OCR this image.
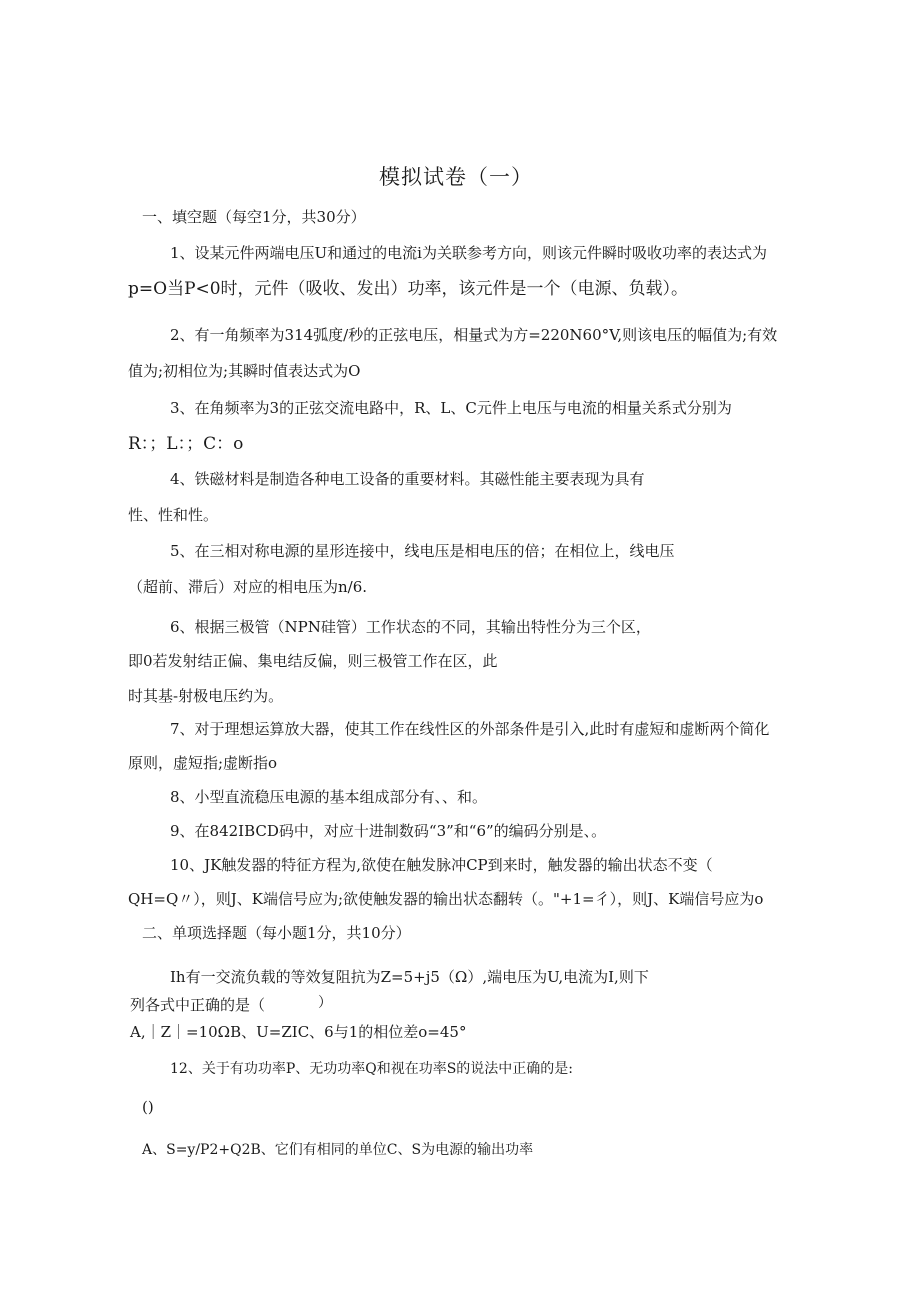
模拟试卷（一）
一、填空题（每空1分，共30分）
1、设某元件两端电压U和通过的电流i为关联参考方向，则该元件瞬时吸收功率的表达式为
p=O当P<0时，元件（吸收、发出）功率，该元件是一个（电源、负载）。
2、有一角频率为314弧度/秒的正弦电压，相量式为方=220N60°V,则该电压的幅值为;有效
值为;初相位为;其瞬时值表达式为O
3、在角频率为3的正弦交流电路中，R、L、C元件上电压与电流的相量关系式分别为
R：；L：；C：o
4、铁磁材料是制造各种电工设备的重要材料。其磁性能主要表现为具有
性、性和性。
5、在三相对称电源的星形连接中，线电压是相电压的倍；在相位上，线电压
（超前、滞后）对应的相电压为n/6.
6、根据三极管（NPN硅管）工作状态的不同，其输出特性分为三个区，
即0若发射结正偏、集电结反偏，则三极管工作在区，此
时其基-射极电压约为。
7、对于理想运算放大器，使其工作在线性区的外部条件是引入,此时有虚短和虚断两个简化
原则，虚短指;虚断指o
8、小型直流稳压电源的基本组成部分有、、和。
9、在842IBCD码中，对应十进制数码“3”和“6”的编码分别是、。
10、JK触发器的特征方程为,欲使在触发脉冲CP到来时，触发器的输出状态不变（
QH=Q〃），则J、K端信号应为;欲使触发器的输出状态翻转（。"+1=彳），则J、K端信号应为o
二、单项选择题（每小题1分，共10分）
Ih有一交流负载的等效复阻抗为Z=5+j5（Ω）,端电压为U,电流为I,则下
列各式中正确的是（	）
A,｜Z｜=10ΩB、U=ZIC、6与1的相位差o=45°
12、关于有功功率P、无功功率Q和视在功率S的说法中正确的是:
()
A、S=y/P2+Q2B、它们有相同的单位C、S为电源的输出功率
